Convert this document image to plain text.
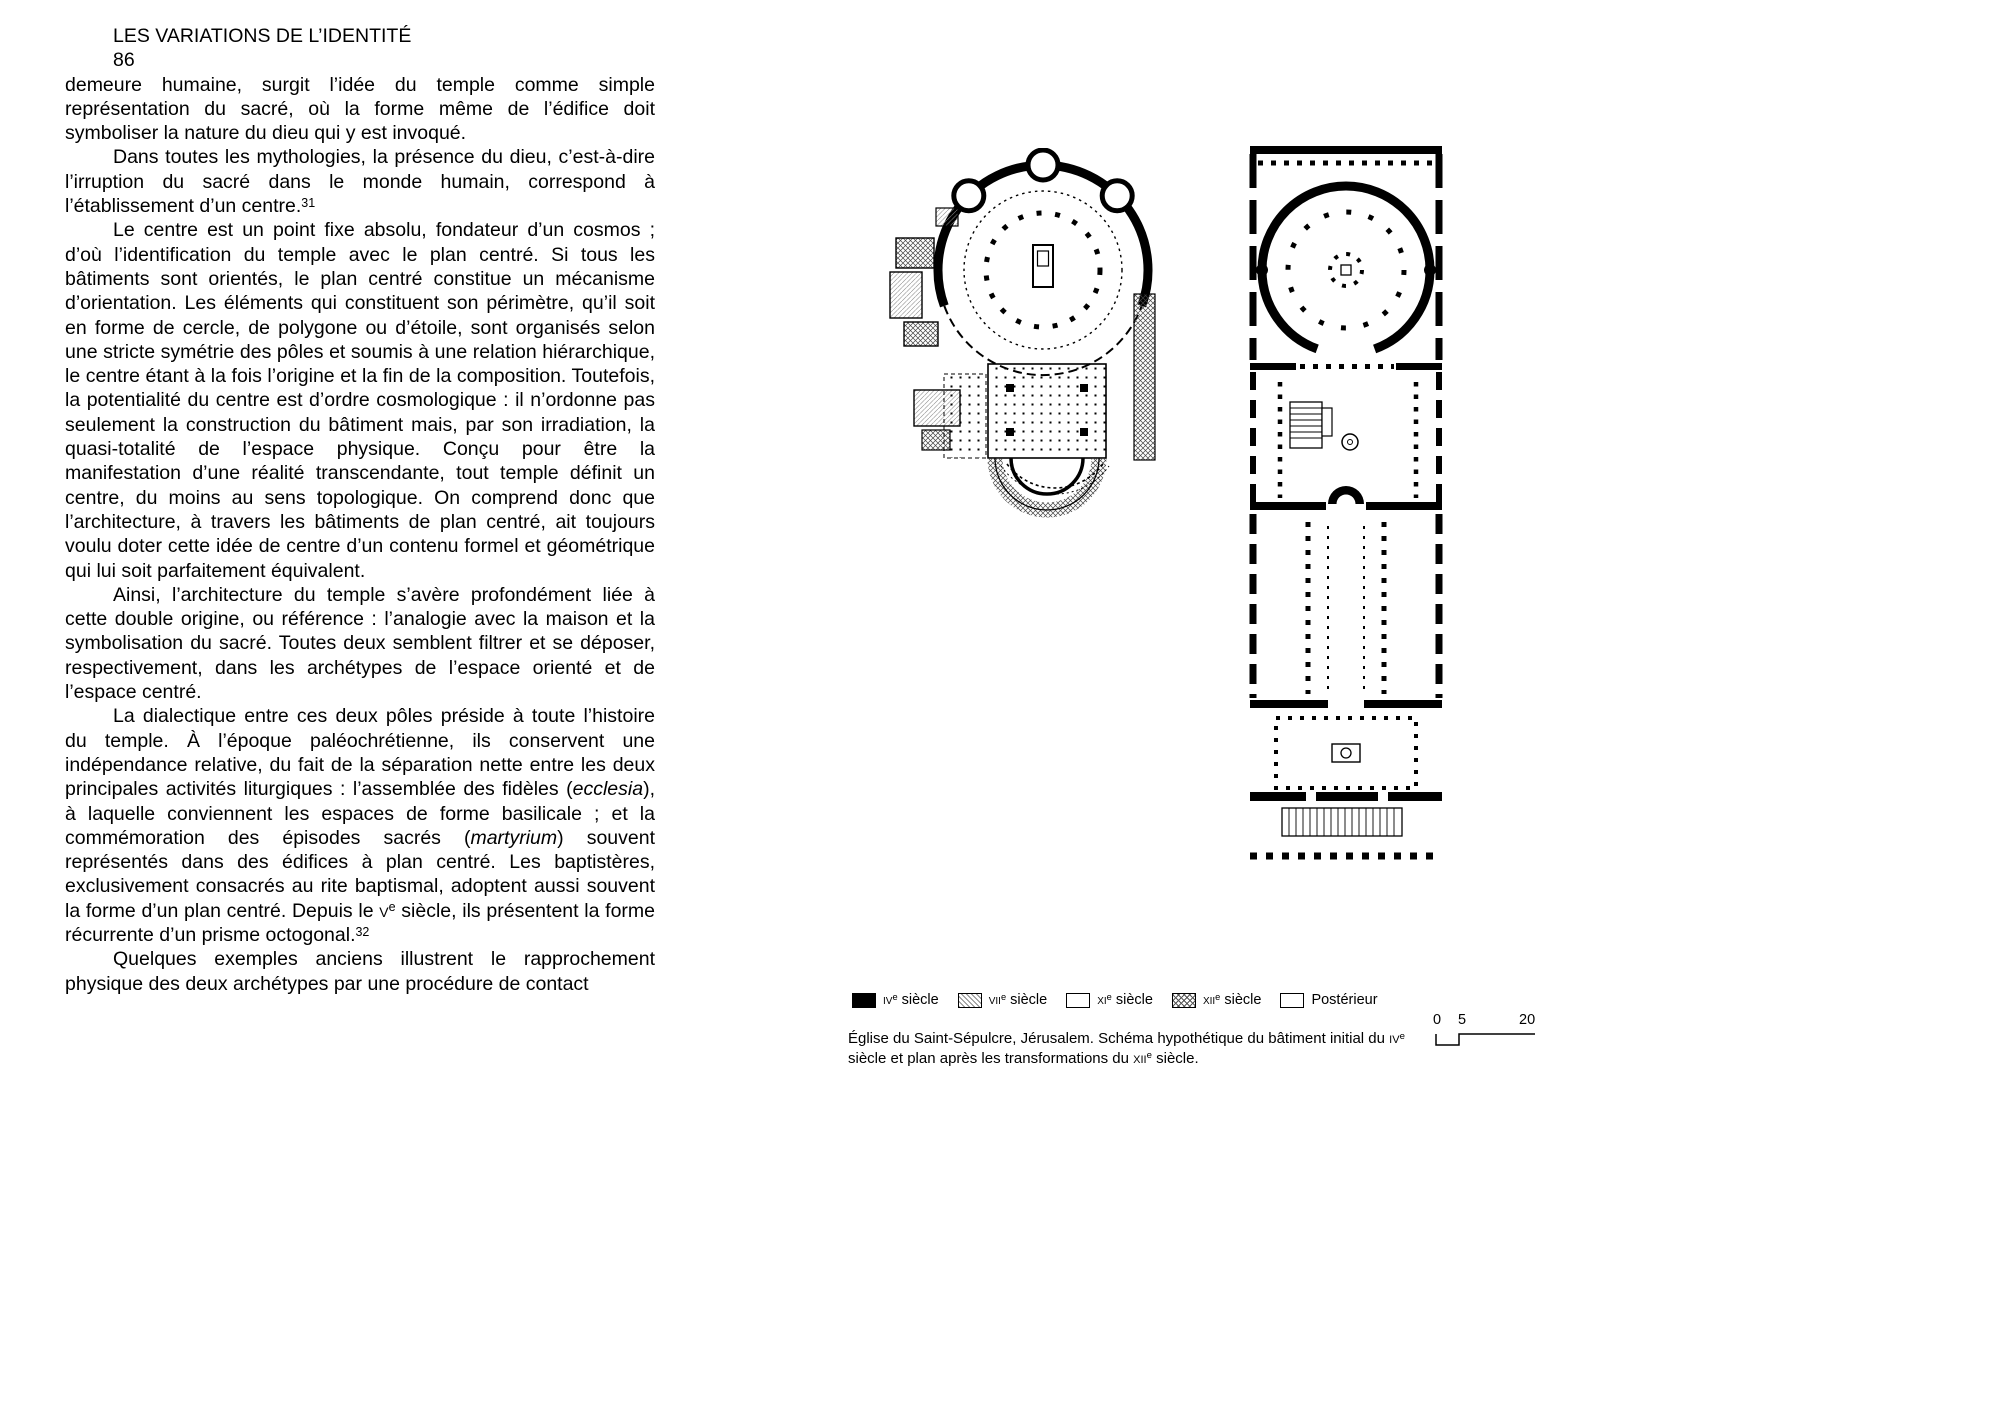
LES VARIATIONS DE L’IDENTITÉ
86

demeure humaine, surgit l’idée du temple comme simple représentation du sacré, où la forme même de l’édifice doit symboliser la nature du dieu qui y est invoqué.

Dans toutes les mythologies, la présence du dieu, c’est-à-dire l’irruption du sacré dans le monde humain, correspond à l’établissement d’un centre.$^{31}$

Le centre est un point fixe absolu, fondateur d’un cosmos ; d’où l’identification du temple avec le plan centré. Si tous les bâtiments sont orientés, le plan centré constitue un mécanisme d’orientation. Les éléments qui constituent son périmètre, qu’il soit en forme de cercle, de polygone ou d’étoile, sont organisés selon une stricte symétrie des pôles et soumis à une relation hiérarchique, le centre étant à la fois l’origine et la fin de la composition. Toutefois, la potentialité du centre est d’ordre cosmologique : il n’ordonne pas seulement la construction du bâtiment mais, par son irradiation, la quasi-totalité de l’espace physique. Conçu pour être la manifestation d’une réalité transcendante, tout temple définit un centre, du moins au sens topologique. On comprend donc que l’architecture, à travers les bâtiments de plan centré, ait toujours voulu doter cette idée de centre d’un contenu formel et géométrique qui lui soit parfaitement équivalent.

Ainsi, l’architecture du temple s’avère profondément liée à cette double origine, ou référence : l’analogie avec la maison et la symbolisation du sacré. Toutes deux semblent filtrer et se déposer, respectivement, dans les archétypes de l’espace orienté et de l’espace centré.

La dialectique entre ces deux pôles préside à toute l’histoire du temple. À l’époque paléochrétienne, ils conservent une indépendance relative, du fait de la séparation nette entre les deux principales activités liturgiques : l’assemblée des fidèles (ecclesia), à laquelle conviennent les espaces de forme basilicale ; et la commémoration des épisodes sacrés (martyrium) souvent représentés dans des édifices à plan centré. Les baptistères, exclusivement consacrés au rite baptismal, adoptent aussi souvent la forme d’un plan centré. Depuis le $v^e$ siècle, ils présentent la forme récurrente d’un prisme octogonal.$^{32}$

Quelques exemples anciens illustrent le rapprochement physique des deux archétypes par une procédure de contact

$iv^e$ siècle	vii$^e$ siècle	$xi^e$ siècle	xii$^e$ siècle	Postérieur
Église du Saint-Sépulcre, Jérusalem. Schéma hypothétique du bâtiment initial du $iv^e$ siècle et plan après les transformations du xii$^e$ siècle.
0 5	20
